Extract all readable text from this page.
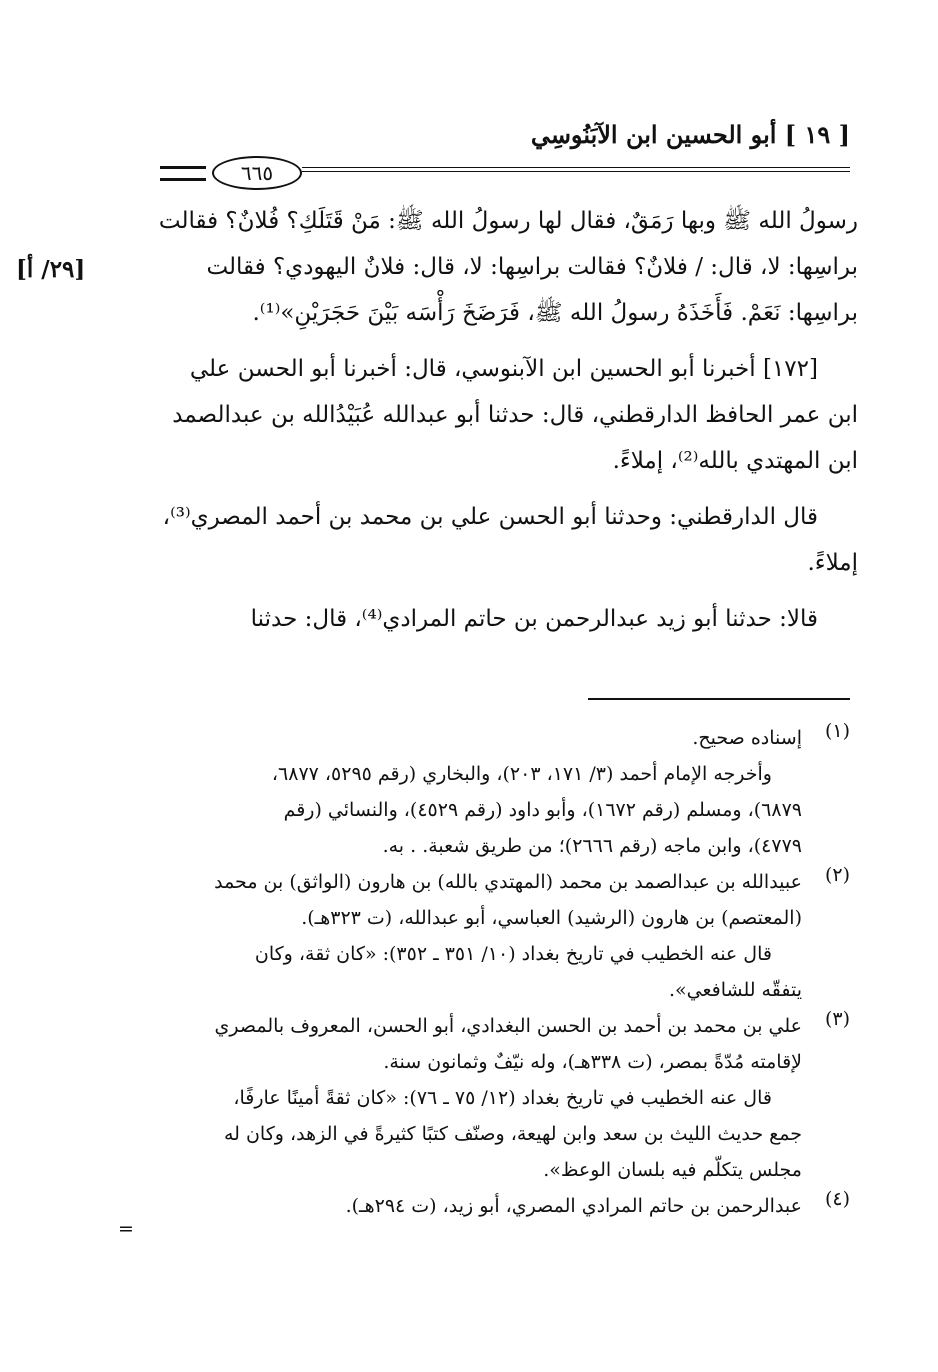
[ ١٩ ] أبو الحسين ابن الآبَنُوسِي
٦٦٥
[٢٩/ أ]
رسولُ الله ﷺ وبها رَمَقٌ، فقال لها رسولُ الله ﷺ: مَنْ قَتَلَكِ؟ فُلانٌ؟ فقالت
براسِها: لا، قال: / فلانٌ؟ فقالت براسِها: لا، قال: فلانٌ اليهودي؟ فقالت
براسِها: نَعَمْ. فَأَخَذَهُ رسولُ الله ﷺ، فَرَضَخَ رَأْسَه بَيْنَ حَجَرَيْنِ»⁽¹⁾.
[١٧٢] أخبرنا أبو الحسين ابن الآبنوسي، قال: أخبرنا أبو الحسن علي
ابن عمر الحافظ الدارقطني، قال: حدثنا أبو عبدالله عُبَيْدُالله بن عبدالصمد
ابن المهتدي بالله⁽²⁾، إملاءً.
قال الدارقطني: وحدثنا أبو الحسن علي بن محمد بن أحمد المصري⁽³⁾،
إملاءً.
قالا: حدثنا أبو زيد عبدالرحمن بن حاتم المرادي⁽⁴⁾، قال: حدثنا
(١)
إسناده صحيح.
وأخرجه الإمام أحمد (٣/ ١٧١، ٢٠٣)، والبخاري (رقم ٥٢٩٥، ٦٨٧٧،
٦٨٧٩)، ومسلم (رقم ١٦٧٢)، وأبو داود (رقم ٤٥٢٩)، والنسائي (رقم
٤٧٧٩)، وابن ماجه (رقم ٢٦٦٦)؛ من طريق شعبة. . به.
(٢)
عبيدالله بن عبدالصمد بن محمد (المهتدي بالله) بن هارون (الواثق) بن محمد
(المعتصم) بن هارون (الرشيد) العباسي، أبو عبدالله، (ت ٣٢٣هـ).
قال عنه الخطيب في تاريخ بغداد (١٠/ ٣٥١ ـ ٣٥٢): «كان ثقة، وكان
يتفقّه للشافعي».
(٣)
علي بن محمد بن أحمد بن الحسن البغدادي، أبو الحسن، المعروف بالمصري
لإقامته مُدّةً بمصر، (ت ٣٣٨هـ)، وله نيّفٌ وثمانون سنة.
قال عنه الخطيب في تاريخ بغداد (١٢/ ٧٥ ـ ٧٦): «كان ثقةً أمينًا عارفًا،
جمع حديث الليث بن سعد وابن لهيعة، وصنّف كتبًا كثيرةً في الزهد، وكان له
مجلس يتكلّم فيه بلسان الوعظ».
(٤)
عبدالرحمن بن حاتم المرادي المصري، أبو زيد، (ت ٢٩٤هـ).
=
